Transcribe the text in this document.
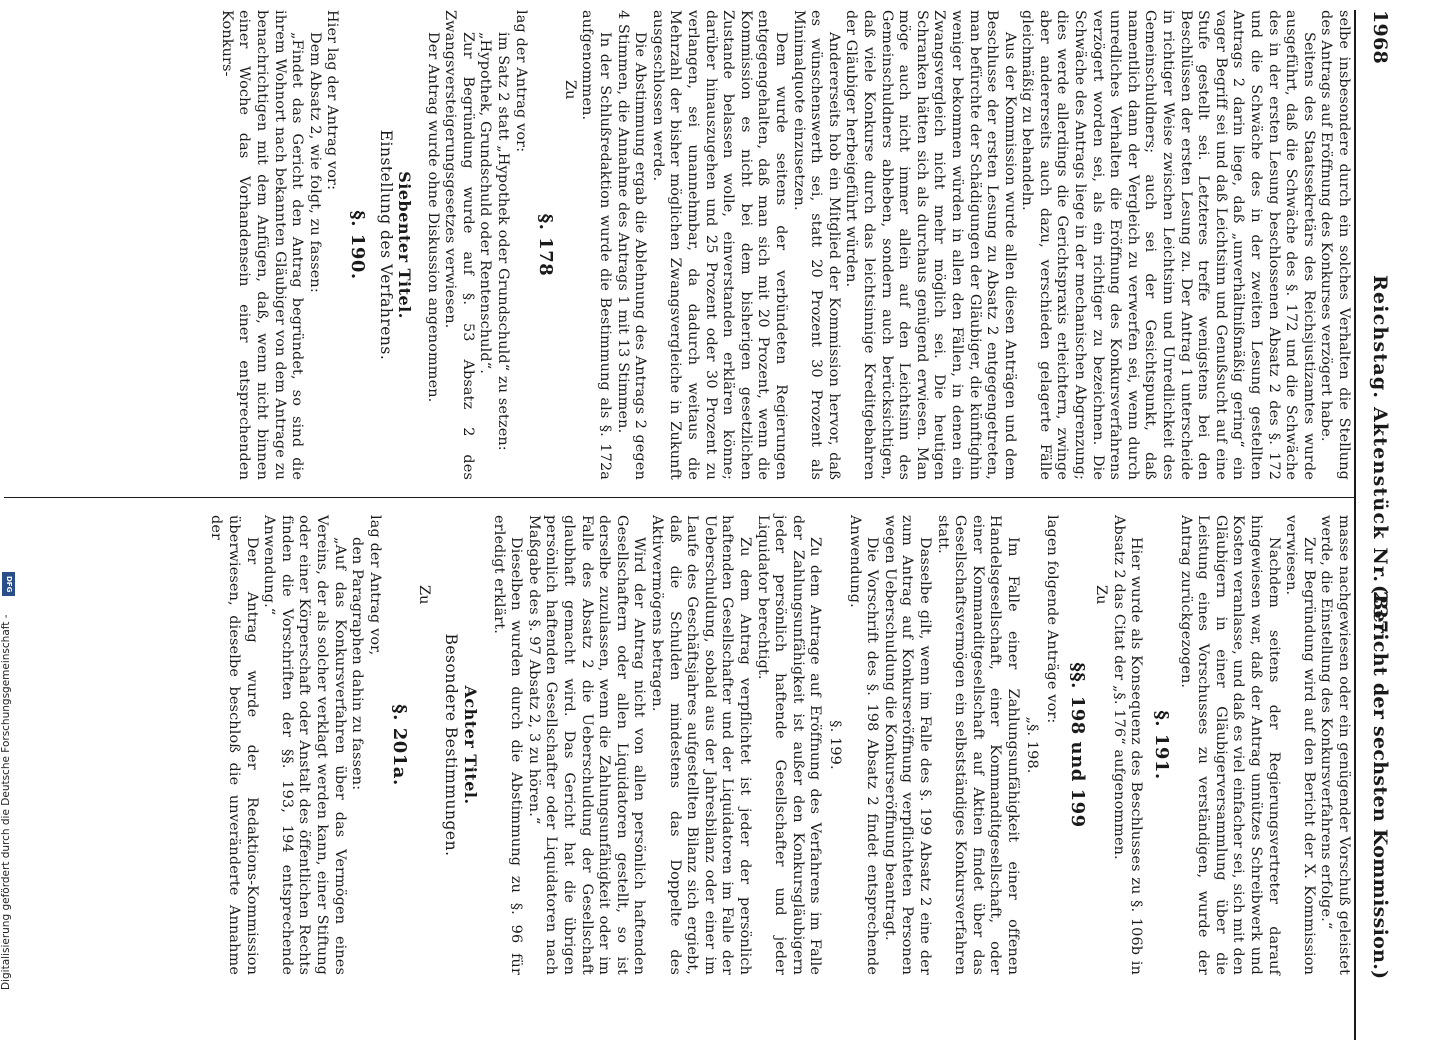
1968
Reichstag. Aktenstück Nr. 237.
(Bericht der sechsten Kommission.)

selbe insbesondere durch ein solches Verhalten die Stellung des Antrags auf Eröffnung des Konkurses verzögert habe.

Seitens des Staatssekretärs des Reichsjustizamtes wurde ausgeführt, daß die Schwäche des §. 172 und die Schwäche des in der ersten Lesung beschlossenen Absatz 2 des §. 172 und die Schwäche des in der zweiten Lesung gestellten Antrags 2 darin liege, daß „unverhältnißmäßig gering“ ein vager Begriff sei und daß Leichtsinn und Genußsucht auf eine Stufe gestellt sei. Letzteres treffe wenigstens bei den Beschlüssen der ersten Lesung zu. Der Antrag 1 unterscheide in richtiger Weise zwischen Leichtsinn und Unredlichkeit des Gemeinschuldners; auch sei der Gesichtspunkt, daß namentlich dann der Vergleich zu verwerfen sei, wenn durch unredliches Verhalten die Eröffnung des Konkursverfahrens verzögert worden sei, als ein richtiger zu bezeichnen. Die Schwäche des Antrags liege in der mechanischen Abgrenzung; dies werde allerdings die Gerichtspraxis erleichtern, zwinge aber andererseits auch dazu, verschieden gelagerte Fälle gleichmäßig zu behandeln.

Aus der Kommission wurde allen diesen Anträgen und dem Beschlusse der ersten Lesung zu Absatz 2 entgegengetreten, man befürchte der Schädigungen der Gläubiger, die künftighin weniger bekommen würden in allen den Fällen, in denen ein Zwangsvergleich nicht mehr möglich sei. Die heutigen Schranken hätten sich als durchaus genügend erwiesen. Man möge auch nicht immer allein auf den Leichtsinn des Gemeinschuldners abheben, sondern auch berücksichtigen, daß viele Konkurse durch das leichtsinnige Kreditgebahren der Gläubiger herbeigeführt würden.

Andererseits hob ein Mitglied der Kommission hervor, daß es wünschenswerth sei, statt 20 Prozent 30 Prozent als Minimalquote einzusetzen.

Dem wurde seitens der verbündeten Regierungen entgegengehalten, daß man sich mit 20 Prozent, wenn die Kommission es nicht bei dem bisherigen gesetzlichen Zustande belassen wolle, einverstanden erklären könne; darüber hinauszugehen und 25 Prozent oder 30 Prozent zu verlangen, sei unannehmbar, da dadurch weitaus die Mehrzahl der bisher möglichen Zwangsvergleiche in Zukunft ausgeschlossen werde.

Die Abstimmung ergab die Ablehnung des Antrags 2 gegen 4 Stimmen, die Annahme des Antrags 1 mit 13 Stimmen.

In der Schlußredaktion wurde die Bestimmung als §. 172a aufgenommen.

Zu

§. 178

lag der Antrag vor:

im Satz 2 statt „Hypothek oder Grundschuld“ zu setzen:

„Hypothek, Grundschuld oder Rentenschuld“.

Zur Begründung wurde auf §. 53 Absatz 2 des Zwangsversteigerungsgesetzes verwiesen.

Der Antrag wurde ohne Diskussion angenommen.

Siebenter Titel.
Einstellung des Verfahrens.
§. 190.

Hier lag der Antrag vor:

Dem Absatz 2, wie folgt, zu fassen:

„Findet das Gericht den Antrag begründet, so sind die ihrem Wohnort nach bekannten Gläubiger von dem Antrage zu benachrichtigen mit dem Anfügen, daß, wenn nicht binnen einer Woche das Vorhandensein einer entsprechenden Konkurs-

masse nachgewiesen oder ein genügender Vorschuß geleistet werde, die Einstellung des Konkursverfahrens erfolge.“

Zur Begründung wird auf den Bericht der X. Kommission verwiesen.

Nachdem seitens der Regierungsvertreter darauf hingewiesen war, daß der Antrag unnützes Schreibwerk und Kosten veranlasse, und daß es viel einfacher sei, sich mit den Gläubigern in einer Gläubigerversammlung über die Leistung eines Vorschusses zu verständigen, wurde der Antrag zurückgezogen.

§. 191.

Hier wurde als Konsequenz des Beschlusses zu §. 106b in Absatz 2 das Citat der „§. 176“ aufgenommen.

Zu

§§. 198 und 199

lagen folgende Anträge vor:

„§. 198.

Im Falle einer Zahlungsunfähigkeit einer offenen Handelsgesellschaft, einer Kommanditgesellschaft, oder einer Kommanditgesellschaft auf Aktien findet über das Gesellschaftsvermögen ein selbstständiges Konkursverfahren statt.

Dasselbe gilt, wenn im Falle des §. 199 Absatz 2 eine der zum Antrag auf Konkurseröffnung verpflichteten Personen wegen Ueberschuldung die Konkurseröffnung beantragt.

Die Vorschrift des §. 198 Absatz 2 findet entsprechende Anwendung.

§. 199.

Zu dem Antrage auf Eröffnung des Verfahrens im Falle der Zahlungsunfähigkeit ist außer den Konkursgläubigern jeder persönlich haftende Gesellschafter und jeder Liquidator berechtigt.

Zu dem Antrag verpflichtet ist jeder der persönlich haftenden Gesellschafter und der Liquidatoren im Falle der Ueberschuldung, sobald aus der Jahresbilanz oder einer im Laufe des Geschäftsjahres aufgestellten Bilanz sich ergiebt, daß die Schulden mindestens das Doppelte des Aktivvermögens betragen.

Wird der Antrag nicht von allen persönlich haftenden Gesellschaftern oder allen Liquidatoren gestellt, so ist derselbe zuzulassen, wenn die Zahlungsunfähigkeit oder im Falle des Absatz 2 die Ueberschuldung der Gesellschaft glaubhaft gemacht wird. Das Gericht hat die übrigen persönlich haftenden Gesellschafter oder Liquidatoren nach Maßgabe des §. 97 Absatz 2, 3 zu hören.“

Dieselben wurden durch die Abstimmung zu §. 96 für erledigt erklärt.

Achter Titel.
Besondere Bestimmungen.

Zu

§. 201a.

lag der Antrag vor,

den Paragraphen dahin zu fassen:

„Auf das Konkursverfahren über das Vermögen eines Vereins, der als solcher verklagt werden kann, einer Stiftung oder einer Körperschaft oder Anstalt des öffentlichen Rechts finden die Vorschriften der §§. 193, 194 entsprechende Anwendung.“

Der Antrag wurde der Redaktions-Kommission überwiesen, dieselbe beschloß die unveränderte Annahme der

DFG
Digitalisierung gefördert durch die Deutsche Forschungsgemeinschaft -
